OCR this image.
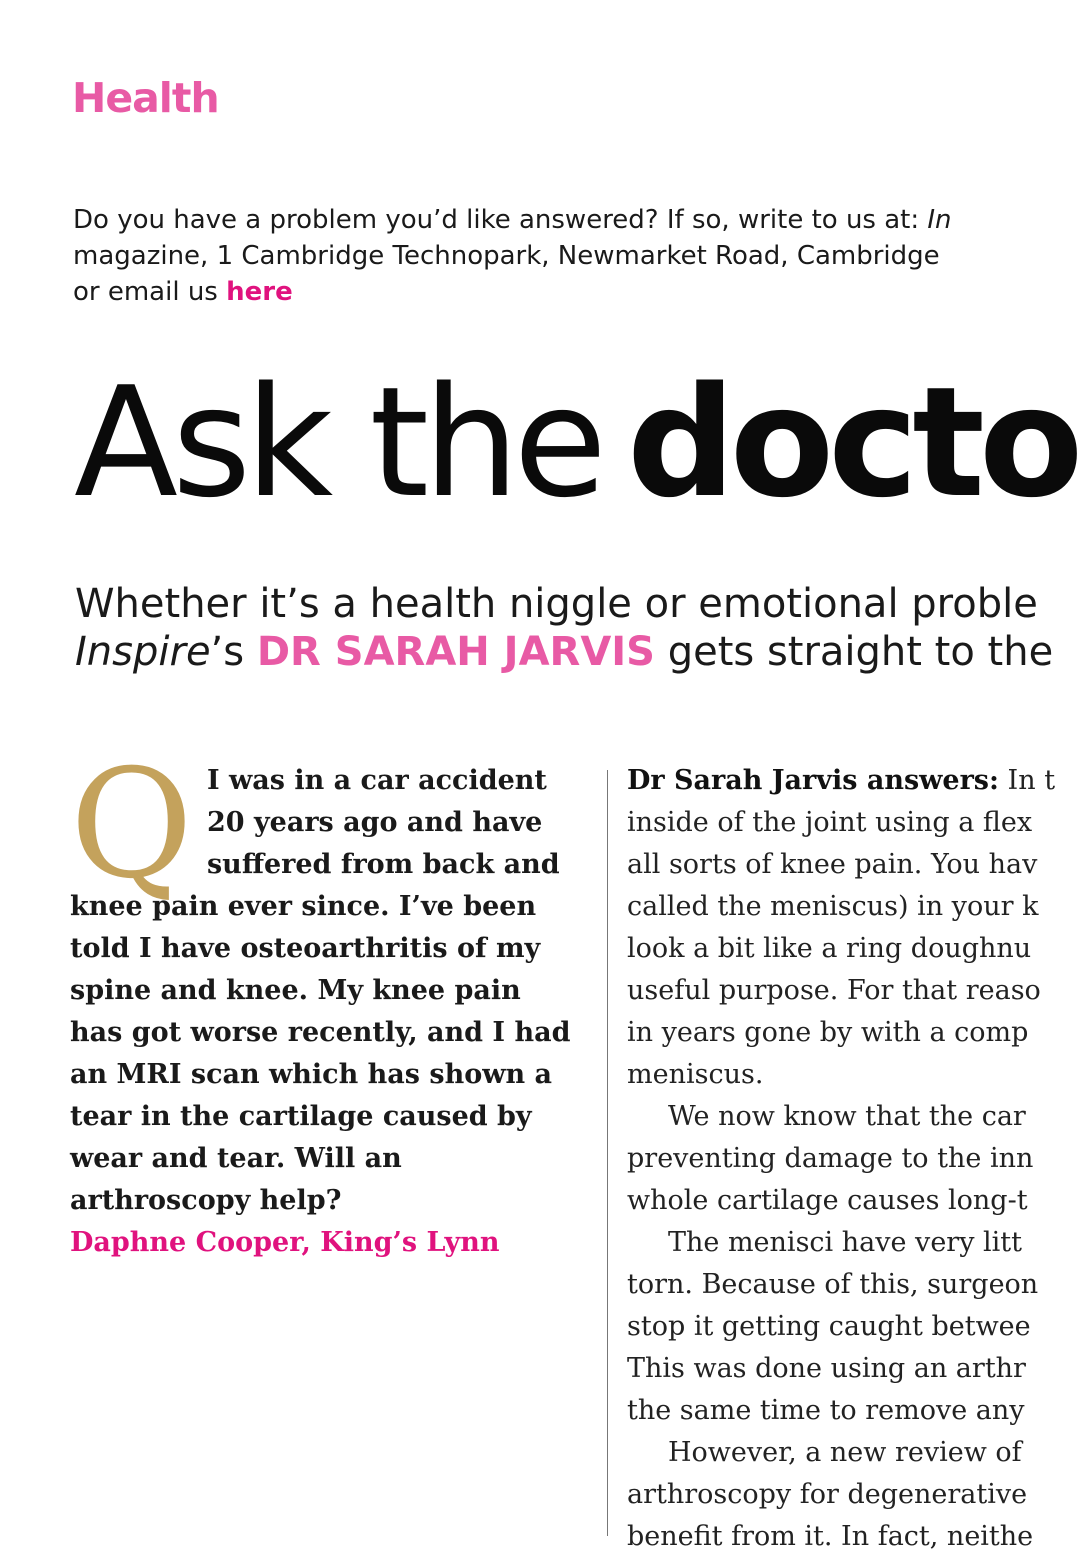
Health
Do you have a problem you’d like answered? If so, write to us at: In
magazine, 1 Cambridge Technopark, Newmarket Road, Cambridge
or email us here
Ask the docto
Whether it’s a health niggle or emotional proble
Inspire’s DR SARAH JARVIS gets straight to the
Q I was in a car accident 20 years ago and have suffered from back and knee pain ever since. I’ve been told I have osteoarthritis of my spine and knee. My knee pain has got worse recently, and I had an MRI scan which has shown a tear in the cartilage caused by wear and tear. Will an arthroscopy help?

Daphne Cooper, King’s Lynn

Dr Sarah Jarvis answers: In t
inside of the joint using a flex
all sorts of knee pain. You hav
called the meniscus) in your k
look a bit like a ring doughnu
useful purpose. For that reaso
in years gone by with a comp
meniscus.
We now know that the car
preventing damage to the inn
whole cartilage causes long-t
The menisci have very litt
torn. Because of this, surgeon
stop it getting caught betwee
This was done using an arthr
the same time to remove any
However, a new review of
arthroscopy for degenerative
benefit from it. In fact, neithe
